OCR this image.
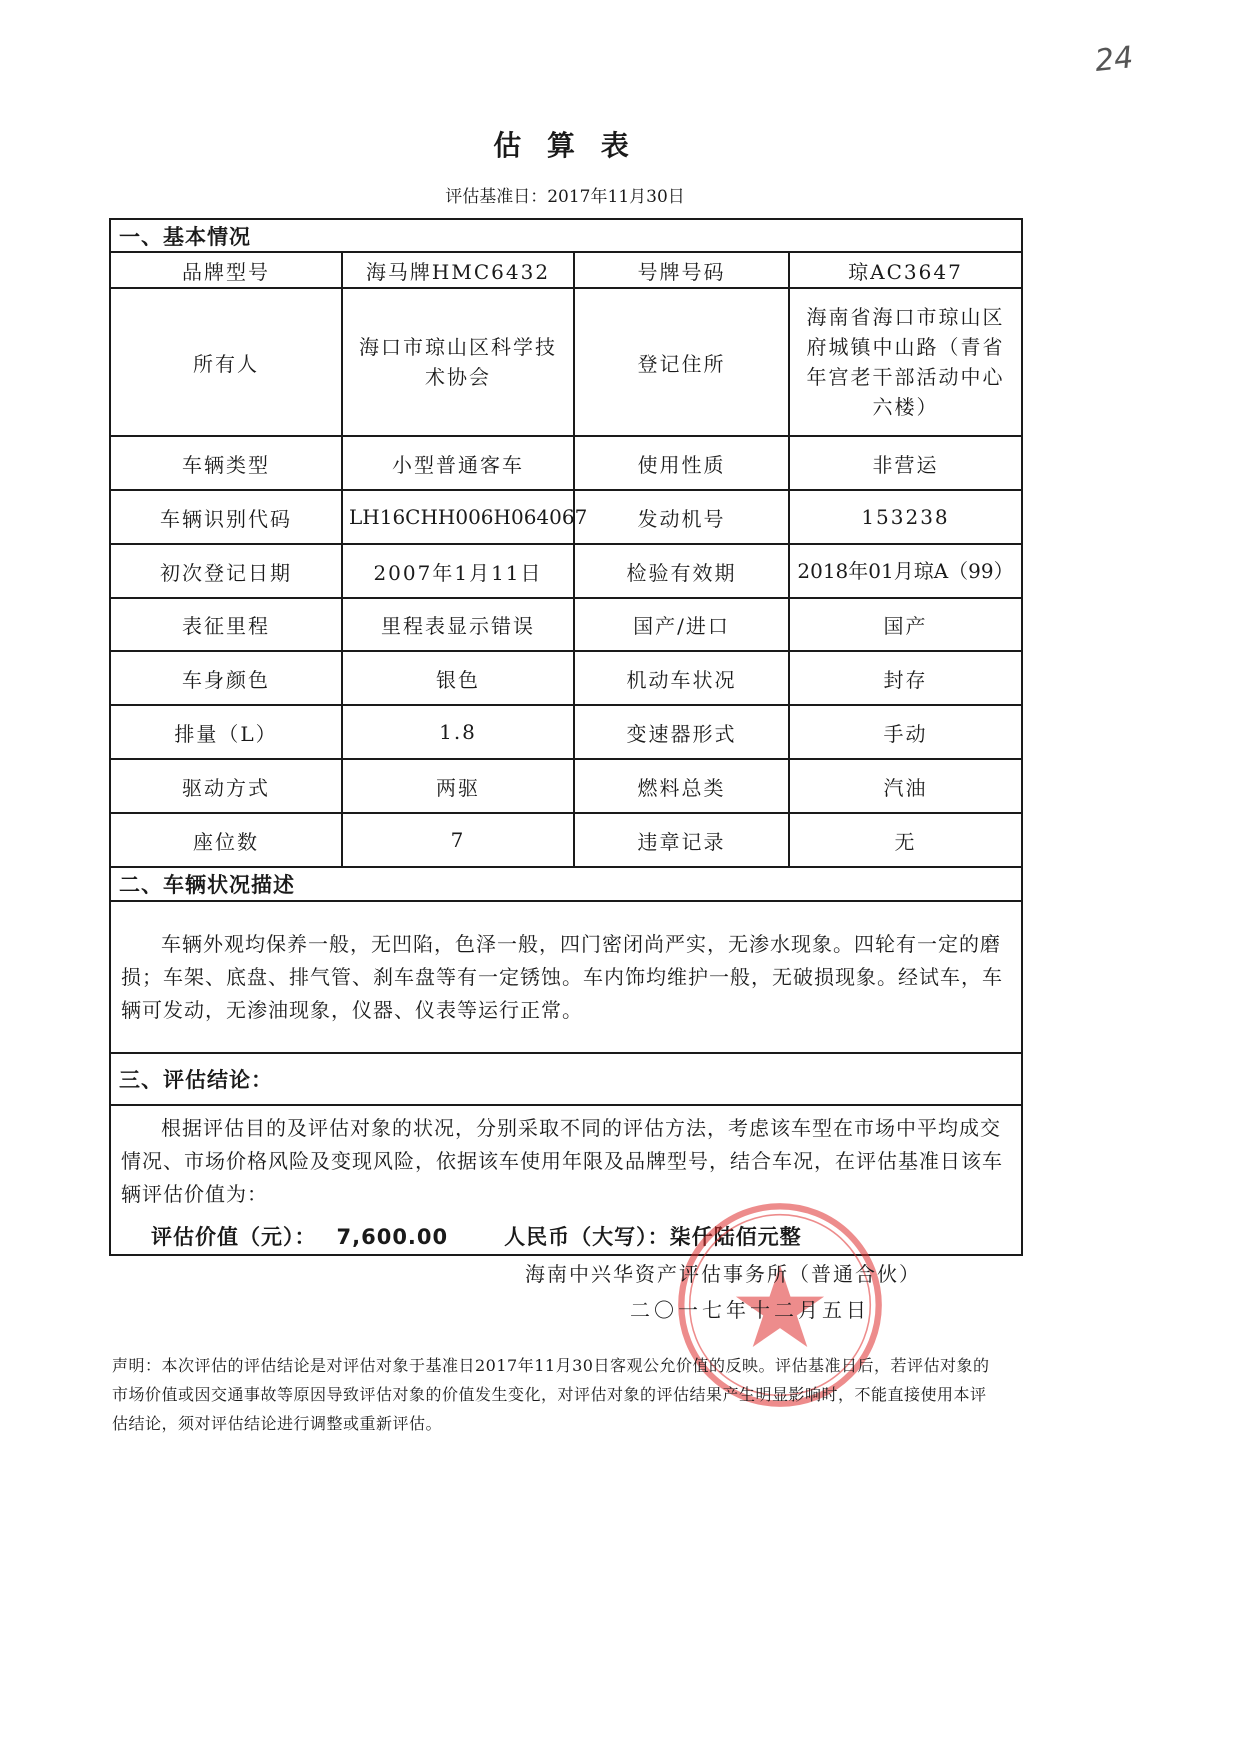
24
估 算 表
评估基准日：2017年11月30日
一、基本情况			
品牌型号	海马牌HMC6432	号牌号码	琼AC3647
所有人	海口市琼山区科学技术协会	登记住所	海南省海口市琼山区府城镇中山路（青省年宫老干部活动中心六楼）
车辆类型	小型普通客车	使用性质	非营运
车辆识别代码	LH16CHH006H064067	发动机号	153238
初次登记日期	2007年1月11日	检验有效期	2018年01月琼A（99）
表征里程	里程表显示错误	国产/进口	国产
车身颜色	银色	机动车状况	封存
排量（L）	1.8	变速器形式	手动
驱动方式	两驱	燃料总类	汽油
座位数	7	违章记录	无
二、车辆状况描述			

车辆外观均保养一般，无凹陷，色泽一般，四门密闭尚严实，无渗水现象。四轮有一定的磨损；车架、底盘、排气管、刹车盘等有一定锈蚀。车内饰均维护一般，无破损现象。经试车，车辆可发动，无渗油现象，仪器、仪表等运行正常。			

三、评估结论：			

根据评估目的及评估对象的状况，分别采取不同的评估方法，考虑该车型在市场中平均成交情况、市场价格风险及变现风险，依据该车使用年限及品牌型号，结合车况，在评估基准日该车辆评估价值为：
评估价值（元）： 7,600.00 人民币（大写）： 柒仟陆佰元整			
海南中兴华资产评估事务所（普通合伙）
二〇一七年十二月五日
声明：本次评估的评估结论是对评估对象于基准日2017年11月30日客观公允价值的反映。评估基准日后，若评估对象的市场价值或因交通事故等原因导致评估对象的价值发生变化，对评估对象的评估结果产生明显影响时，不能直接使用本评估结论，须对评估结论进行调整或重新评估。
